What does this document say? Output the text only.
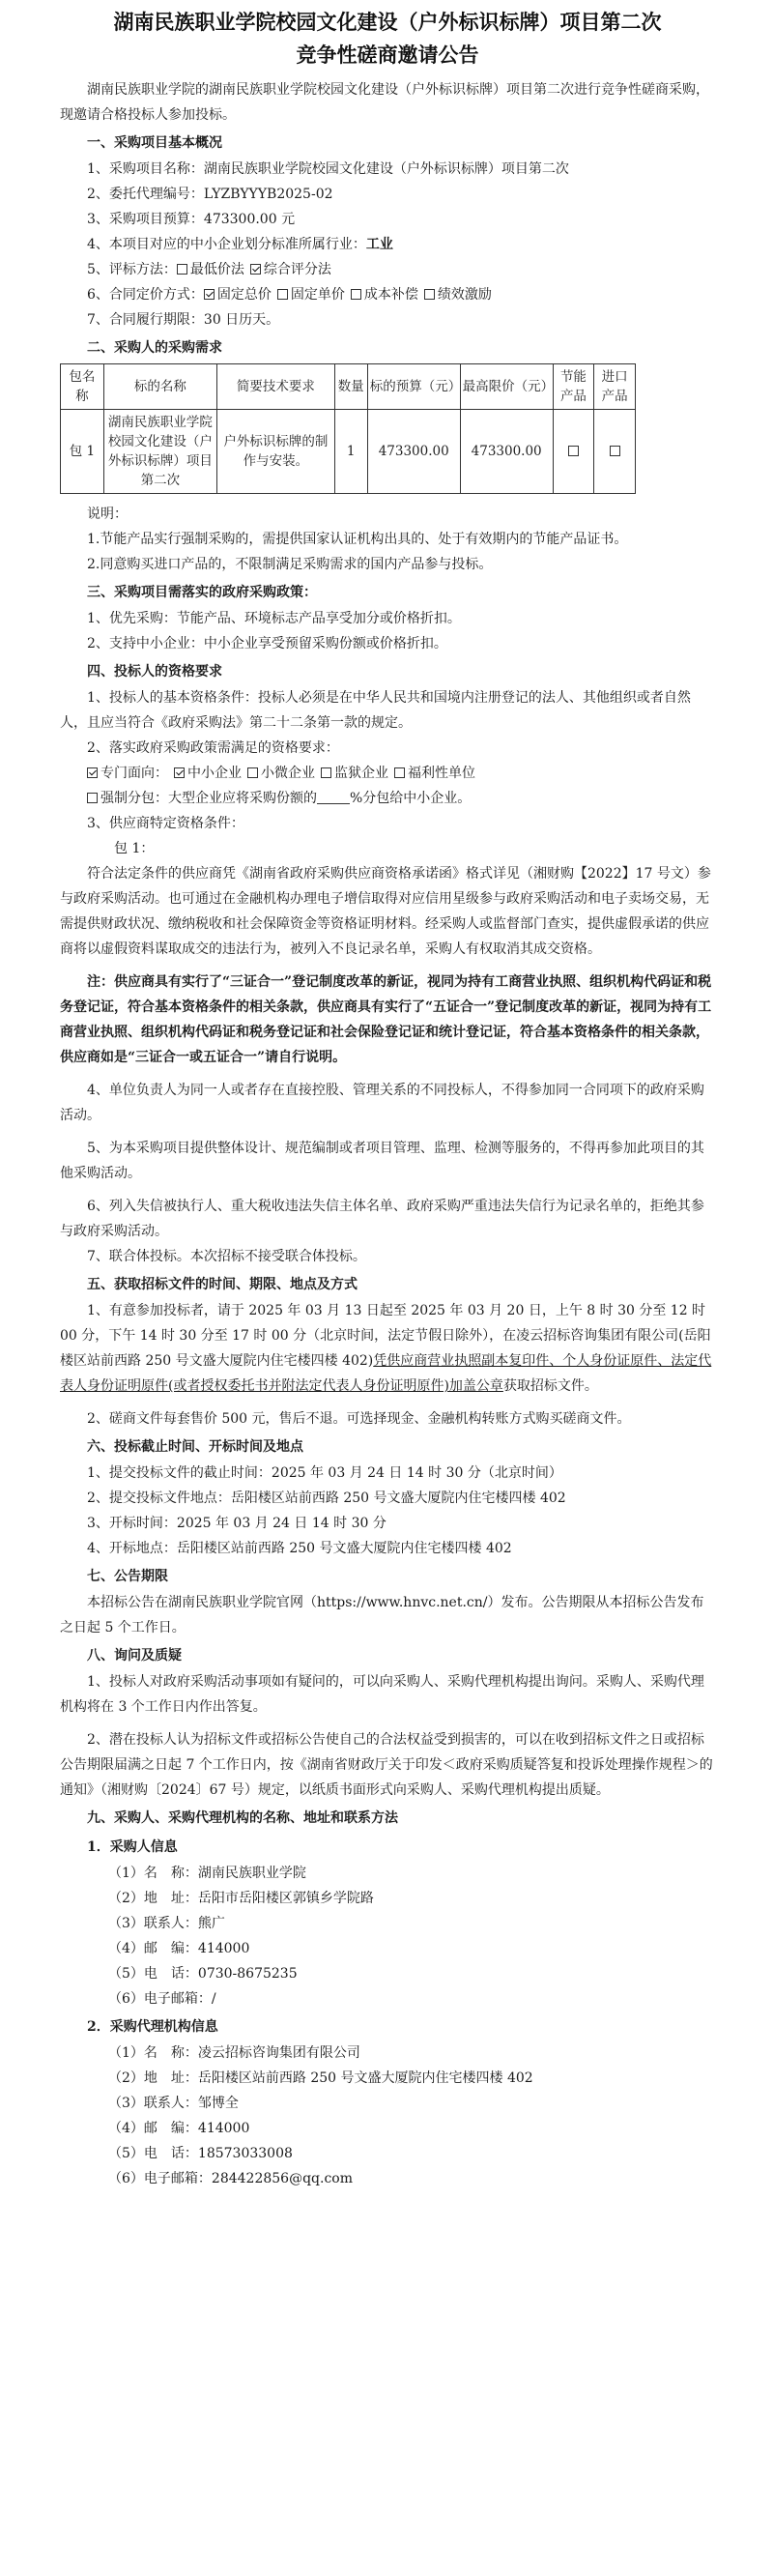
湖南民族职业学院校园文化建设（户外标识标牌）项目第二次
竞争性磋商邀请公告

湖南民族职业学院的湖南民族职业学院校园文化建设（户外标识标牌）项目第二次进行竞争性磋商采购，现邀请合格投标人参加投标。

一、采购项目基本概况

1、采购项目名称：湖南民族职业学院校园文化建设（户外标识标牌）项目第二次

2、委托代理编号：LYZBYYYB2025-02

3、采购项目预算：473300.00 元

4、本项目对应的中小企业划分标准所属行业：工业

5、评标方法： 最低价法 综合评分法

6、合同定价方式： 固定总价 固定单价 成本补偿 绩效激励

7、合同履行期限：30 日历天。

二、采购人的采购需求

包名称	标的名称	简要技术要求	数量	标的预算（元）	最高限价（元）	节能产品	进口产品
包 1	湖南民族职业学院校园文化建设（户外标识标牌）项目第二次	户外标识标牌的制作与安装。	1	473300.00	473300.00		

说明：

1.节能产品实行强制采购的，需提供国家认证机构出具的、处于有效期内的节能产品证书。

2.同意购买进口产品的，不限制满足采购需求的国内产品参与投标。

三、采购项目需落实的政府采购政策：

1、优先采购：节能产品、环境标志产品享受加分或价格折扣。

2、支持中小企业：中小企业享受预留采购份额或价格折扣。

四、投标人的资格要求

1、投标人的基本资格条件：投标人必须是在中华人民共和国境内注册登记的法人、其他组织或者自然人，且应当符合《政府采购法》第二十二条第一款的规定。

2、落实政府采购政策需满足的资格要求：

专门面向： 中小企业 小微企业 监狱企业 福利性单位

强制分包：大型企业应将采购份额的 %分包给中小企业。

3、供应商特定资格条件：

包 1：

符合法定条件的供应商凭《湖南省政府采购供应商资格承诺函》格式详见（湘财购【2022】17 号文）参与政府采购活动。也可通过在金融机构办理电子增信取得对应信用星级参与政府采购活动和电子卖场交易，无需提供财政状况、缴纳税收和社会保障资金等资格证明材料。经采购人或监督部门查实，提供虚假承诺的供应商将以虚假资料谋取成交的违法行为，被列入不良记录名单，采购人有权取消其成交资格。

注：供应商具有实行了“三证合一”登记制度改革的新证，视同为持有工商营业执照、组织机构代码证和税务登记证，符合基本资格条件的相关条款，供应商具有实行了“五证合一”登记制度改革的新证，视同为持有工商营业执照、组织机构代码证和税务登记证和社会保险登记证和统计登记证，符合基本资格条件的相关条款，供应商如是“三证合一或五证合一”请自行说明。

4、单位负责人为同一人或者存在直接控股、管理关系的不同投标人，不得参加同一合同项下的政府采购活动。

5、为本采购项目提供整体设计、规范编制或者项目管理、监理、检测等服务的，不得再参加此项目的其他采购活动。

6、列入失信被执行人、重大税收违法失信主体名单、政府采购严重违法失信行为记录名单的，拒绝其参与政府采购活动。

7、联合体投标。本次招标不接受联合体投标。

五、获取招标文件的时间、期限、地点及方式

1、有意参加投标者，请于 2025 年 03 月 13 日起至 2025 年 03 月 20 日，上午 8 时 30 分至 12 时 00 分，下午 14 时 30 分至 17 时 00 分（北京时间，法定节假日除外），在凌云招标咨询集团有限公司(岳阳楼区站前西路 250 号文盛大厦院内住宅楼四楼 402)凭供应商营业执照副本复印件、个人身份证原件、法定代表人身份证明原件(或者授权委托书并附法定代表人身份证明原件)加盖公章获取招标文件。

2、磋商文件每套售价 500 元，售后不退。可选择现金、金融机构转账方式购买磋商文件。

六、投标截止时间、开标时间及地点

1、提交投标文件的截止时间：2025 年 03 月 24 日 14 时 30 分（北京时间）

2、提交投标文件地点：岳阳楼区站前西路 250 号文盛大厦院内住宅楼四楼 402

3、开标时间：2025 年 03 月 24 日 14 时 30 分

4、开标地点：岳阳楼区站前西路 250 号文盛大厦院内住宅楼四楼 402

七、公告期限

本招标公告在湖南民族职业学院官网（https://www.hnvc.net.cn/）发布。公告期限从本招标公告发布之日起 5 个工作日。

八、询问及质疑

1、投标人对政府采购活动事项如有疑问的，可以向采购人、采购代理机构提出询问。采购人、采购代理机构将在 3 个工作日内作出答复。

2、潜在投标人认为招标文件或招标公告使自己的合法权益受到损害的，可以在收到招标文件之日或招标公告期限届满之日起 7 个工作日内，按《湖南省财政厅关于印发＜政府采购质疑答复和投诉处理操作规程＞的通知》（湘财购〔2024〕67 号）规定，以纸质书面形式向采购人、采购代理机构提出质疑。

九、采购人、采购代理机构的名称、地址和联系方法

1．采购人信息

（1）名　称：湖南民族职业学院

（2）地　址：岳阳市岳阳楼区郭镇乡学院路

（3）联系人：熊广

（4）邮　编：414000

（5）电　话：0730-8675235

（6）电子邮箱：/

2．采购代理机构信息

（1）名　称：凌云招标咨询集团有限公司

（2）地　址：岳阳楼区站前西路 250 号文盛大厦院内住宅楼四楼 402

（3）联系人：邹博全

（4）邮　编：414000

（5）电　话：18573033008

（6）电子邮箱：284422856@qq.com
